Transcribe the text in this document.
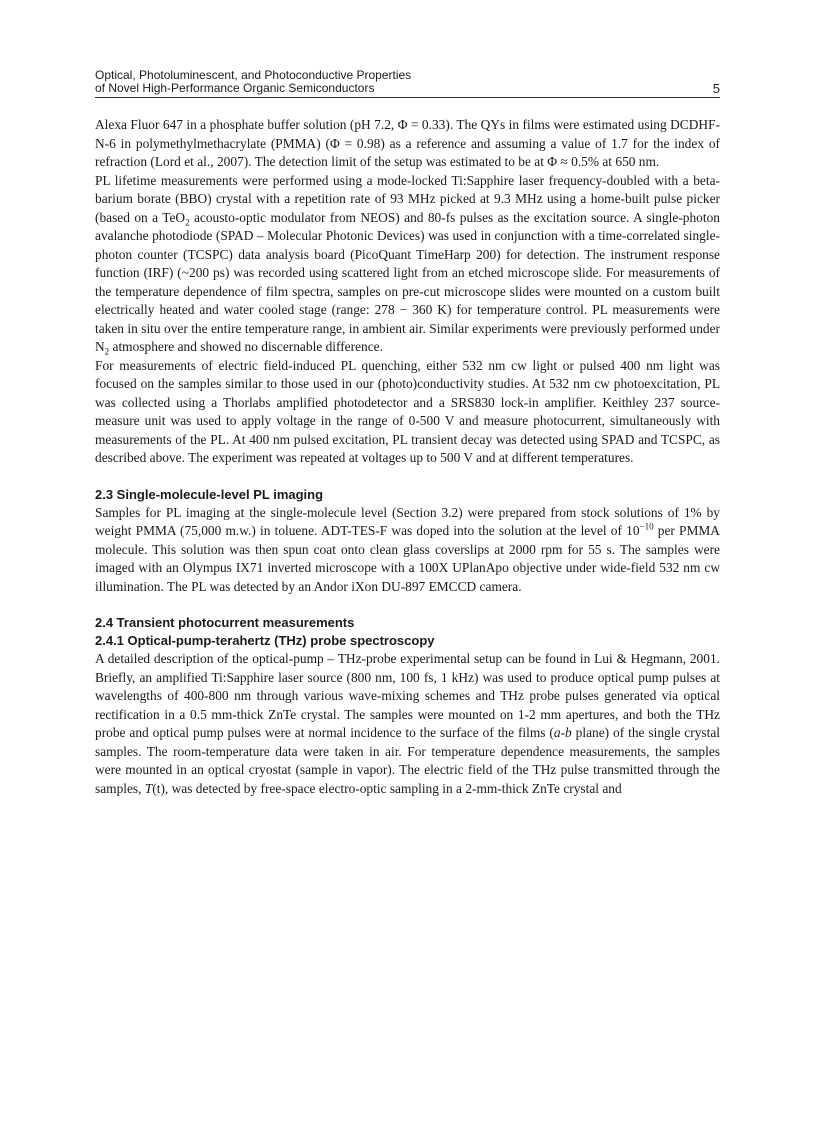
Optical, Photoluminescent, and Photoconductive Properties
of Novel High-Performance Organic Semiconductors	5

Alexa Fluor 647 in a phosphate buffer solution (pH 7.2, Φ = 0.33). The QYs in films were estimated using DCDHF-N-6 in polymethylmethacrylate (PMMA) (Φ = 0.98) as a reference and assuming a value of 1.7 for the index of refraction (Lord et al., 2007). The detection limit of the setup was estimated to be at Φ ≈ 0.5% at 650 nm.

PL lifetime measurements were performed using a mode-locked Ti:Sapphire laser frequency-doubled with a beta-barium borate (BBO) crystal with a repetition rate of 93 MHz picked at 9.3 MHz using a home-built pulse picker (based on a TeO$_2$ acousto-optic modulator from NEOS) and 80-fs pulses as the excitation source. A single-photon avalanche photodiode (SPAD – Molecular Photonic Devices) was used in conjunction with a time-correlated single-photon counter (TCSPC) data analysis board (PicoQuant TimeHarp 200) for detection. The instrument response function (IRF) (~200 ps) was recorded using scattered light from an etched microscope slide. For measurements of the temperature dependence of film spectra, samples on pre-cut microscope slides were mounted on a custom built electrically heated and water cooled stage (range: 278 − 360 K) for temperature control. PL measurements were taken in situ over the entire temperature range, in ambient air. Similar experiments were previously performed under $N_2$ atmosphere and showed no discernable difference.

For measurements of electric field-induced PL quenching, either 532 nm cw light or pulsed 400 nm light was focused on the samples similar to those used in our (photo)conductivity studies. At 532 nm cw photoexcitation, PL was collected using a Thorlabs amplified photodetector and a SRS830 lock-in amplifier. Keithley 237 source-measure unit was used to apply voltage in the range of 0-500 V and measure photocurrent, simultaneously with measurements of the PL. At 400 nm pulsed excitation, PL transient decay was detected using SPAD and TCSPC, as described above. The experiment was repeated at voltages up to 500 V and at different temperatures.

2.3 Single-molecule-level PL imaging

Samples for PL imaging at the single-molecule level (Section 3.2) were prepared from stock solutions of 1% by weight PMMA (75,000 m.w.) in toluene. ADT-TES-F was doped into the solution at the level of $10^{-10}$ per PMMA molecule. This solution was then spun coat onto clean glass coverslips at 2000 rpm for 55 s. The samples were imaged with an Olympus IX71 inverted microscope with a 100X UPlanApo objective under wide-field 532 nm cw illumination. The PL was detected by an Andor iXon DU-897 EMCCD camera.

2.4 Transient photocurrent measurements
2.4.1 Optical-pump-terahertz (THz) probe spectroscopy

A detailed description of the optical-pump – THz-probe experimental setup can be found in Lui & Hegmann, 2001. Briefly, an amplified Ti:Sapphire laser source (800 nm, 100 fs, 1 kHz) was used to produce optical pump pulses at wavelengths of 400-800 nm through various wave-mixing schemes and THz probe pulses generated via optical rectification in a 0.5 mm-thick ZnTe crystal. The samples were mounted on 1-2 mm apertures, and both the THz probe and optical pump pulses were at normal incidence to the surface of the films (a-b plane) of the single crystal samples. The room-temperature data were taken in air. For temperature dependence measurements, the samples were mounted in an optical cryostat (sample in vapor). The electric field of the THz pulse transmitted through the samples, T(t), was detected by free-space electro-optic sampling in a 2-mm-thick ZnTe crystal and
